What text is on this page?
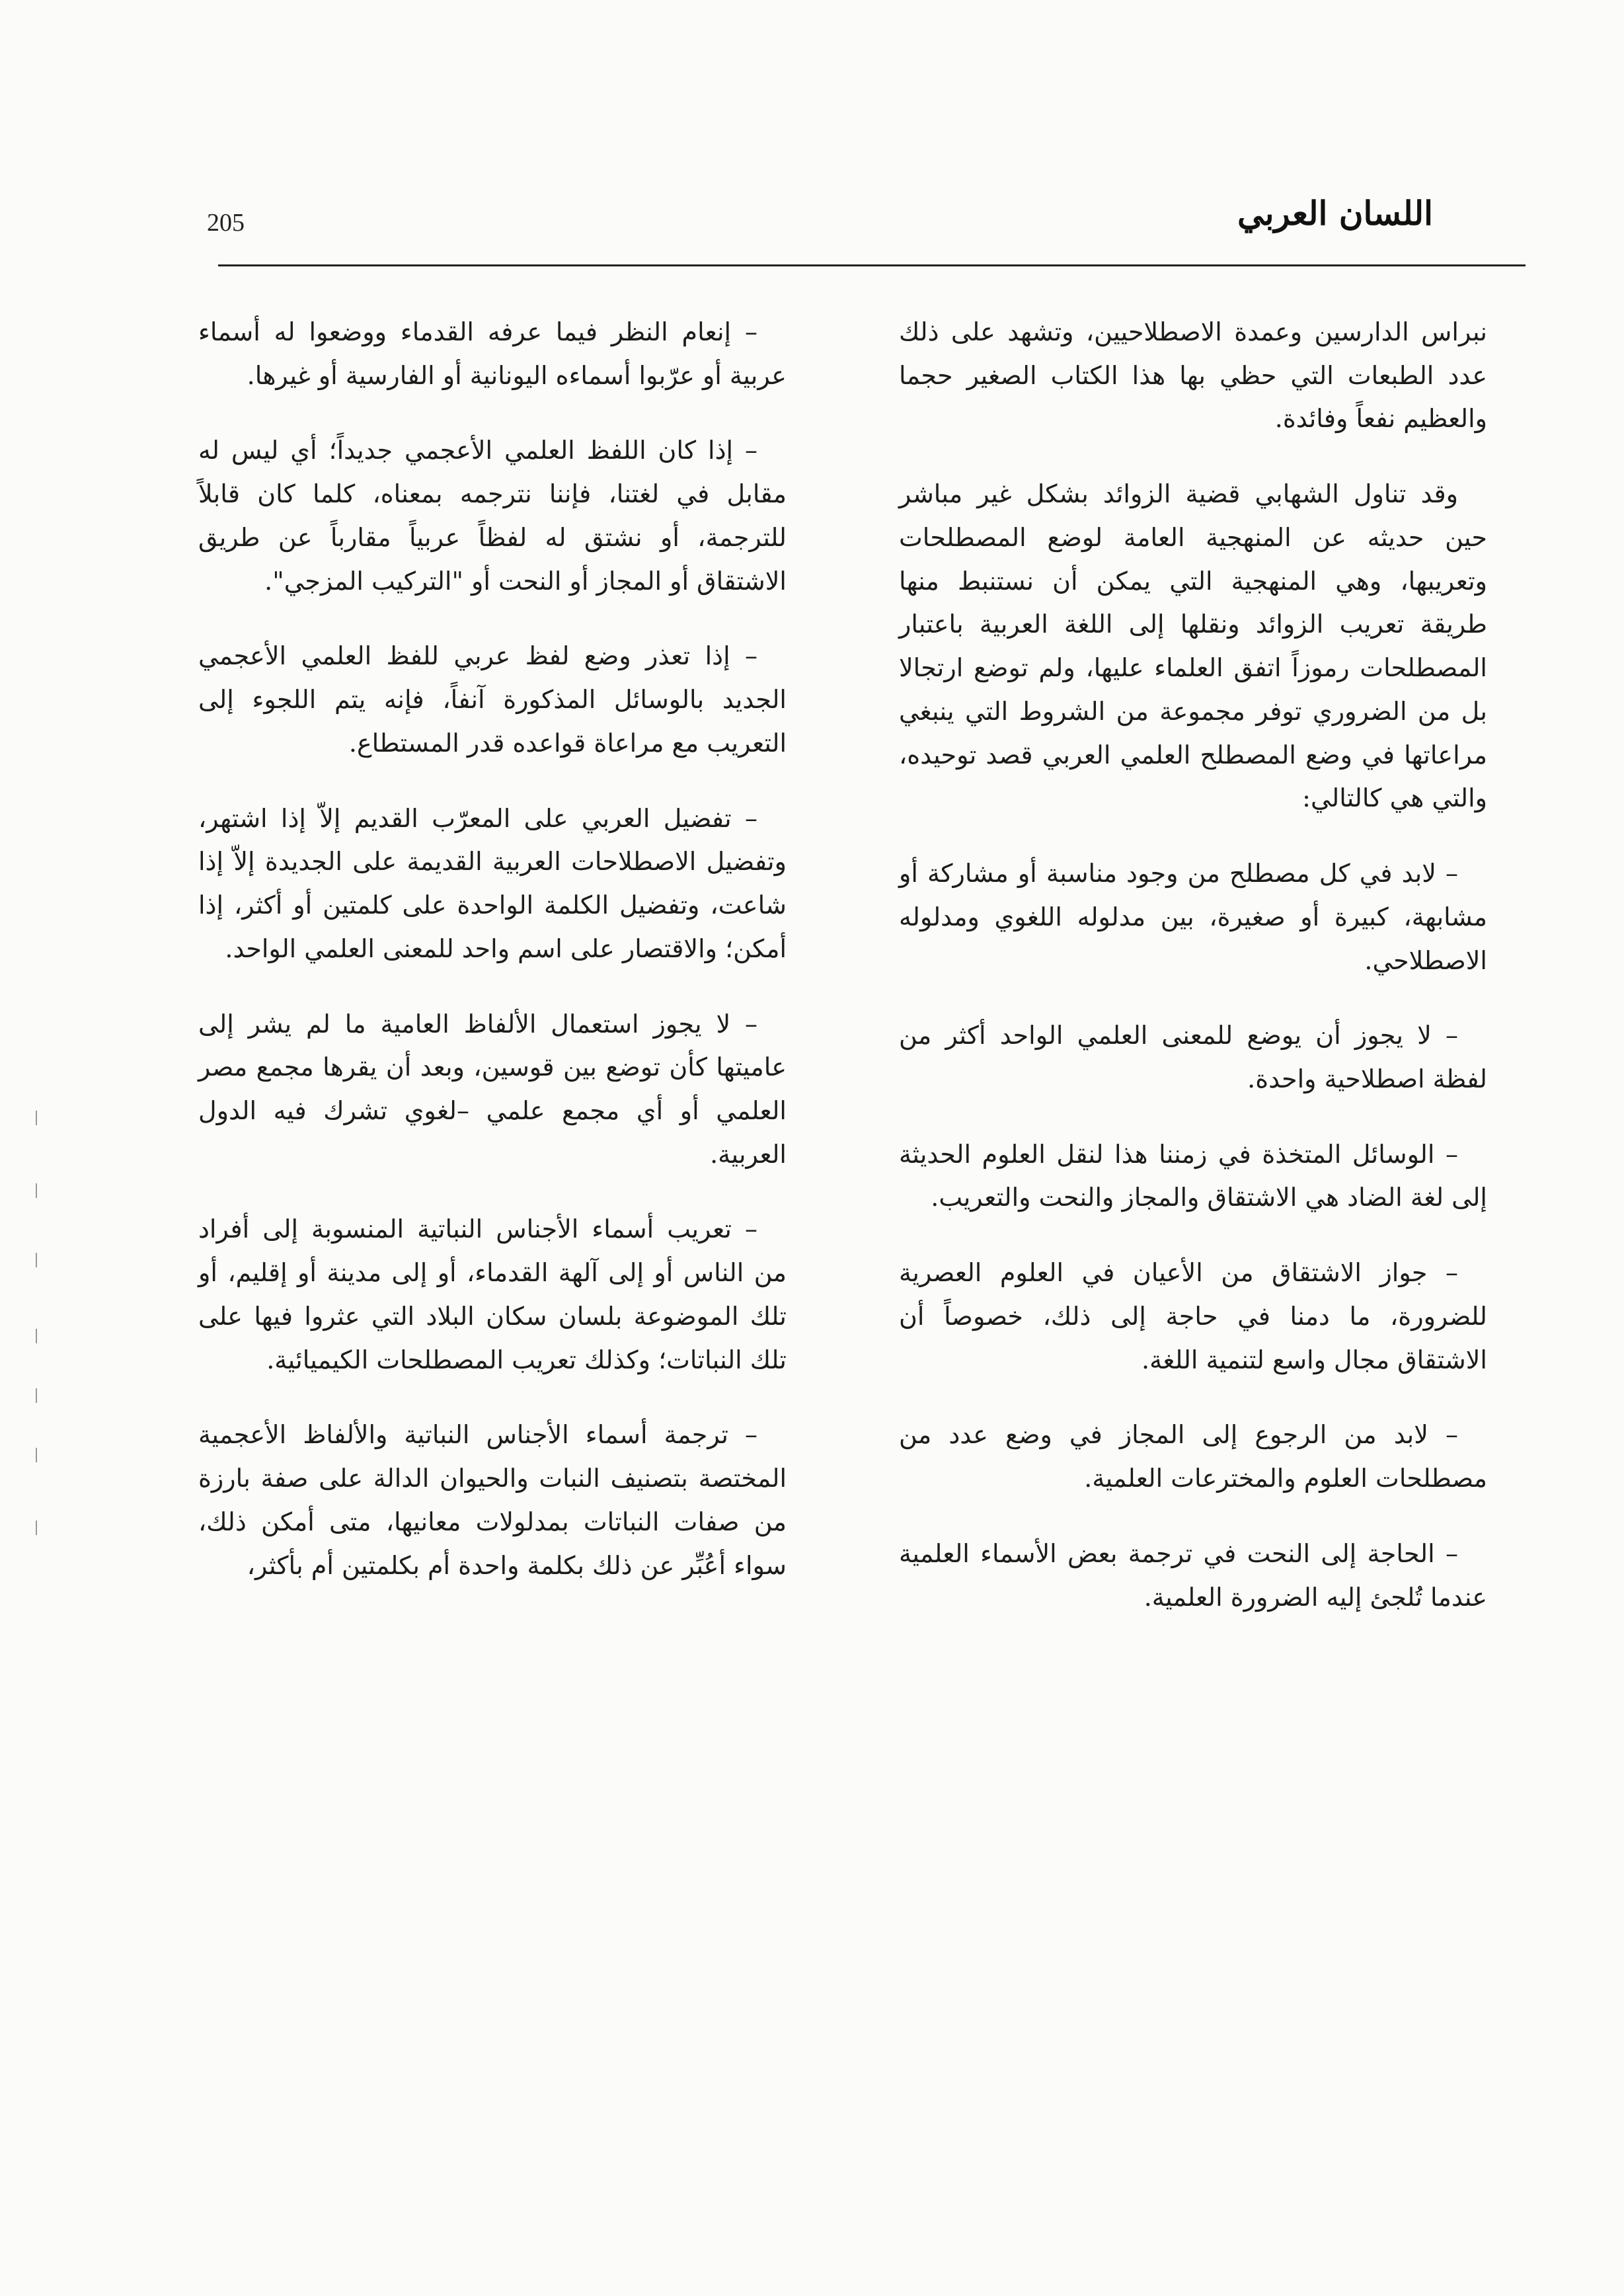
205	اللسان العربي

نبراس الدارسين وعمدة الاصطلاحيين، وتشهد على ذلك عدد الطبعات التي حظي بها هذا الكتاب الصغير حجما والعظيم نفعاً وفائدة.

وقد تناول الشهابي قضية الزوائد بشكل غير مباشر حين حديثه عن المنهجية العامة لوضع المصطلحات وتعريبها، وهي المنهجية التي يمكن أن نستنبط منها طريقة تعريب الزوائد ونقلها إلى اللغة العربية باعتبار المصطلحات رموزاً اتفق العلماء عليها، ولم توضع ارتجالا بل من الضروري توفر مجموعة من الشروط التي ينبغي مراعاتها في وضع المصطلح العلمي العربي قصد توحيده، والتي هي كالتالي:

– لابد في كل مصطلح من وجود مناسبة أو مشاركة أو مشابهة، كبيرة أو صغيرة، بين مدلوله اللغوي ومدلوله الاصطلاحي.

– لا يجوز أن يوضع للمعنى العلمي الواحد أكثر من لفظة اصطلاحية واحدة.

– الوسائل المتخذة في زمننا هذا لنقل العلوم الحديثة إلى لغة الضاد هي الاشتقاق والمجاز والنحت والتعريب.

– جواز الاشتقاق من الأعيان في العلوم العصرية للضرورة، ما دمنا في حاجة إلى ذلك، خصوصاً أن الاشتقاق مجال واسع لتنمية اللغة.

– لابد من الرجوع إلى المجاز في وضع عدد من مصطلحات العلوم والمخترعات العلمية.

– الحاجة إلى النحت في ترجمة بعض الأسماء العلمية عندما تُلجئ إليه الضرورة العلمية.

– إنعام النظر فيما عرفه القدماء ووضعوا له أسماء عربية أو عرّبوا أسماءه اليونانية أو الفارسية أو غيرها.

– إذا كان اللفظ العلمي الأعجمي جديداً؛ أي ليس له مقابل في لغتنا، فإننا نترجمه بمعناه، كلما كان قابلاً للترجمة، أو نشتق له لفظاً عربياً مقارباً عن طريق الاشتقاق أو المجاز أو النحت أو "التركيب المزجي".

– إذا تعذر وضع لفظ عربي للفظ العلمي الأعجمي الجديد بالوسائل المذكورة آنفاً، فإنه يتم اللجوء إلى التعريب مع مراعاة قواعده قدر المستطاع.

– تفضيل العربي على المعرّب القديم إلاّ إذا اشتهر، وتفضيل الاصطلاحات العربية القديمة على الجديدة إلاّ إذا شاعت، وتفضيل الكلمة الواحدة على كلمتين أو أكثر، إذا أمكن؛ والاقتصار على اسم واحد للمعنى العلمي الواحد.

– لا يجوز استعمال الألفاظ العامية ما لم يشر إلى عاميتها كأن توضع بين قوسين، وبعد أن يقرها مجمع مصر العلمي أو أي مجمع علمي –لغوي تشرك فيه الدول العربية.

– تعريب أسماء الأجناس النباتية المنسوبة إلى أفراد من الناس أو إلى آلهة القدماء، أو إلى مدينة أو إقليم، أو تلك الموضوعة بلسان سكان البلاد التي عثروا فيها على تلك النباتات؛ وكذلك تعريب المصطلحات الكيميائية.

– ترجمة أسماء الأجناس النباتية والألفاظ الأعجمية المختصة بتصنيف النبات والحيوان الدالة على صفة بارزة من صفات النباتات بمدلولات معانيها، متى أمكن ذلك، سواء أعُبِّر عن ذلك بكلمة واحدة أم بكلمتين أم بأكثر،
